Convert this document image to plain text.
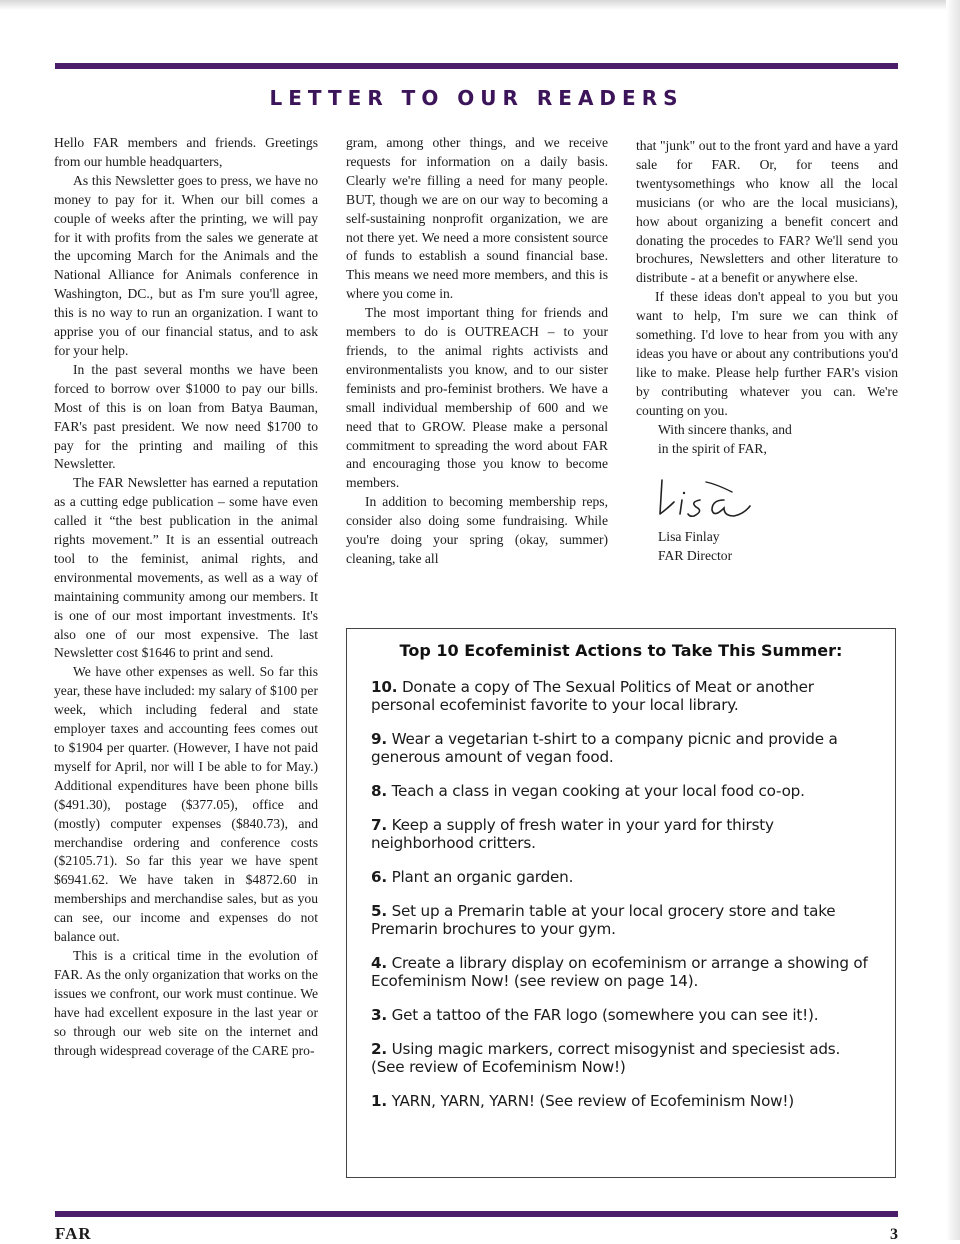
LETTER TO OUR READERS

Hello FAR members and friends. Greetings from our humble headquarters,

As this Newsletter goes to press, we have no money to pay for it. When our bill comes a couple of weeks after the printing, we will pay for it with profits from the sales we generate at the upcoming March for the Animals and the National Alliance for Animals conference in Washington, DC., but as I'm sure you'll agree, this is no way to run an organization. I want to apprise you of our financial status, and to ask for your help.

In the past several months we have been forced to borrow over $1000 to pay our bills. Most of this is on loan from Batya Bauman, FAR's past president. We now need $1700 to pay for the printing and mailing of this Newsletter.

The FAR Newsletter has earned a reputation as a cutting edge publication – some have even called it “the best publication in the animal rights movement.” It is an essential outreach tool to the feminist, animal rights, and environmental movements, as well as a way of maintaining community among our members. It is one of our most important investments. It's also one of our most expensive. The last Newsletter cost $1646 to print and send.

We have other expenses as well. So far this year, these have included: my salary of $100 per week, which including federal and state employer taxes and accounting fees comes out to $1904 per quarter. (However, I have not paid myself for April, nor will I be able to for May.) Additional expenditures have been phone bills ($491.30), postage ($377.05), office and (mostly) computer expenses ($840.73), and merchandise ordering and conference costs ($2105.71). So far this year we have spent $6941.62. We have taken in $4872.60 in memberships and merchandise sales, but as you can see, our income and expenses do not balance out.

This is a critical time in the evolution of FAR. As the only organization that works on the issues we confront, our work must continue. We have had excellent exposure in the last year or so through our web site on the internet and through widespread coverage of the CARE pro-

gram, among other things, and we receive requests for information on a daily basis. Clearly we're filling a need for many people. BUT, though we are on our way to becoming a self-sustaining nonprofit organization, we are not there yet. We need a more consistent source of funds to establish a sound financial base. This means we need more members, and this is where you come in.

The most important thing for friends and members to do is OUTREACH – to your friends, to the animal rights activists and environmentalists you know, and to our sister feminists and pro-feminist brothers. We have a small individual membership of 600 and we need that to GROW. Please make a personal commitment to spreading the word about FAR and encouraging those you know to become members.

In addition to becoming membership reps, consider also doing some fundraising. While you're doing your spring (okay, summer) cleaning, take all

that "junk" out to the front yard and have a yard sale for FAR. Or, for teens and twentysomethings who know all the local musicians (or who are the local musicians), how about organizing a benefit concert and donating the procedes to FAR? We'll send you brochures, Newsletters and other literature to distribute - at a benefit or anywhere else.

If these ideas don't appeal to you but you want to help, I'm sure we can think of something. I'd love to hear from you with any ideas you have or about any contributions you'd like to make. Please help further FAR's vision by contributing whatever you can. We're counting on you.

With sincere thanks, and

in the spirit of FAR,

Lisa Finlay
FAR Director
Top 10 Ecofeminist Actions to Take This Summer:
10. Donate a copy of The Sexual Politics of Meat or another personal ecofeminist favorite to your local library.
9. Wear a vegetarian t-shirt to a company picnic and provide a generous amount of vegan food.
8. Teach a class in vegan cooking at your local food co-op.
7. Keep a supply of fresh water in your yard for thirsty neighborhood critters.
6. Plant an organic garden.
5. Set up a Premarin table at your local grocery store and take Premarin brochures to your gym.
4. Create a library display on ecofeminism or arrange a showing of Ecofeminism Now! (see review on page 14).
3. Get a tattoo of the FAR logo (somewhere you can see it!).
2. Using magic markers, correct misogynist and speciesist ads. (See review of Ecofeminism Now!)
1. YARN, YARN, YARN! (See review of Ecofeminism Now!)
FAR	3
